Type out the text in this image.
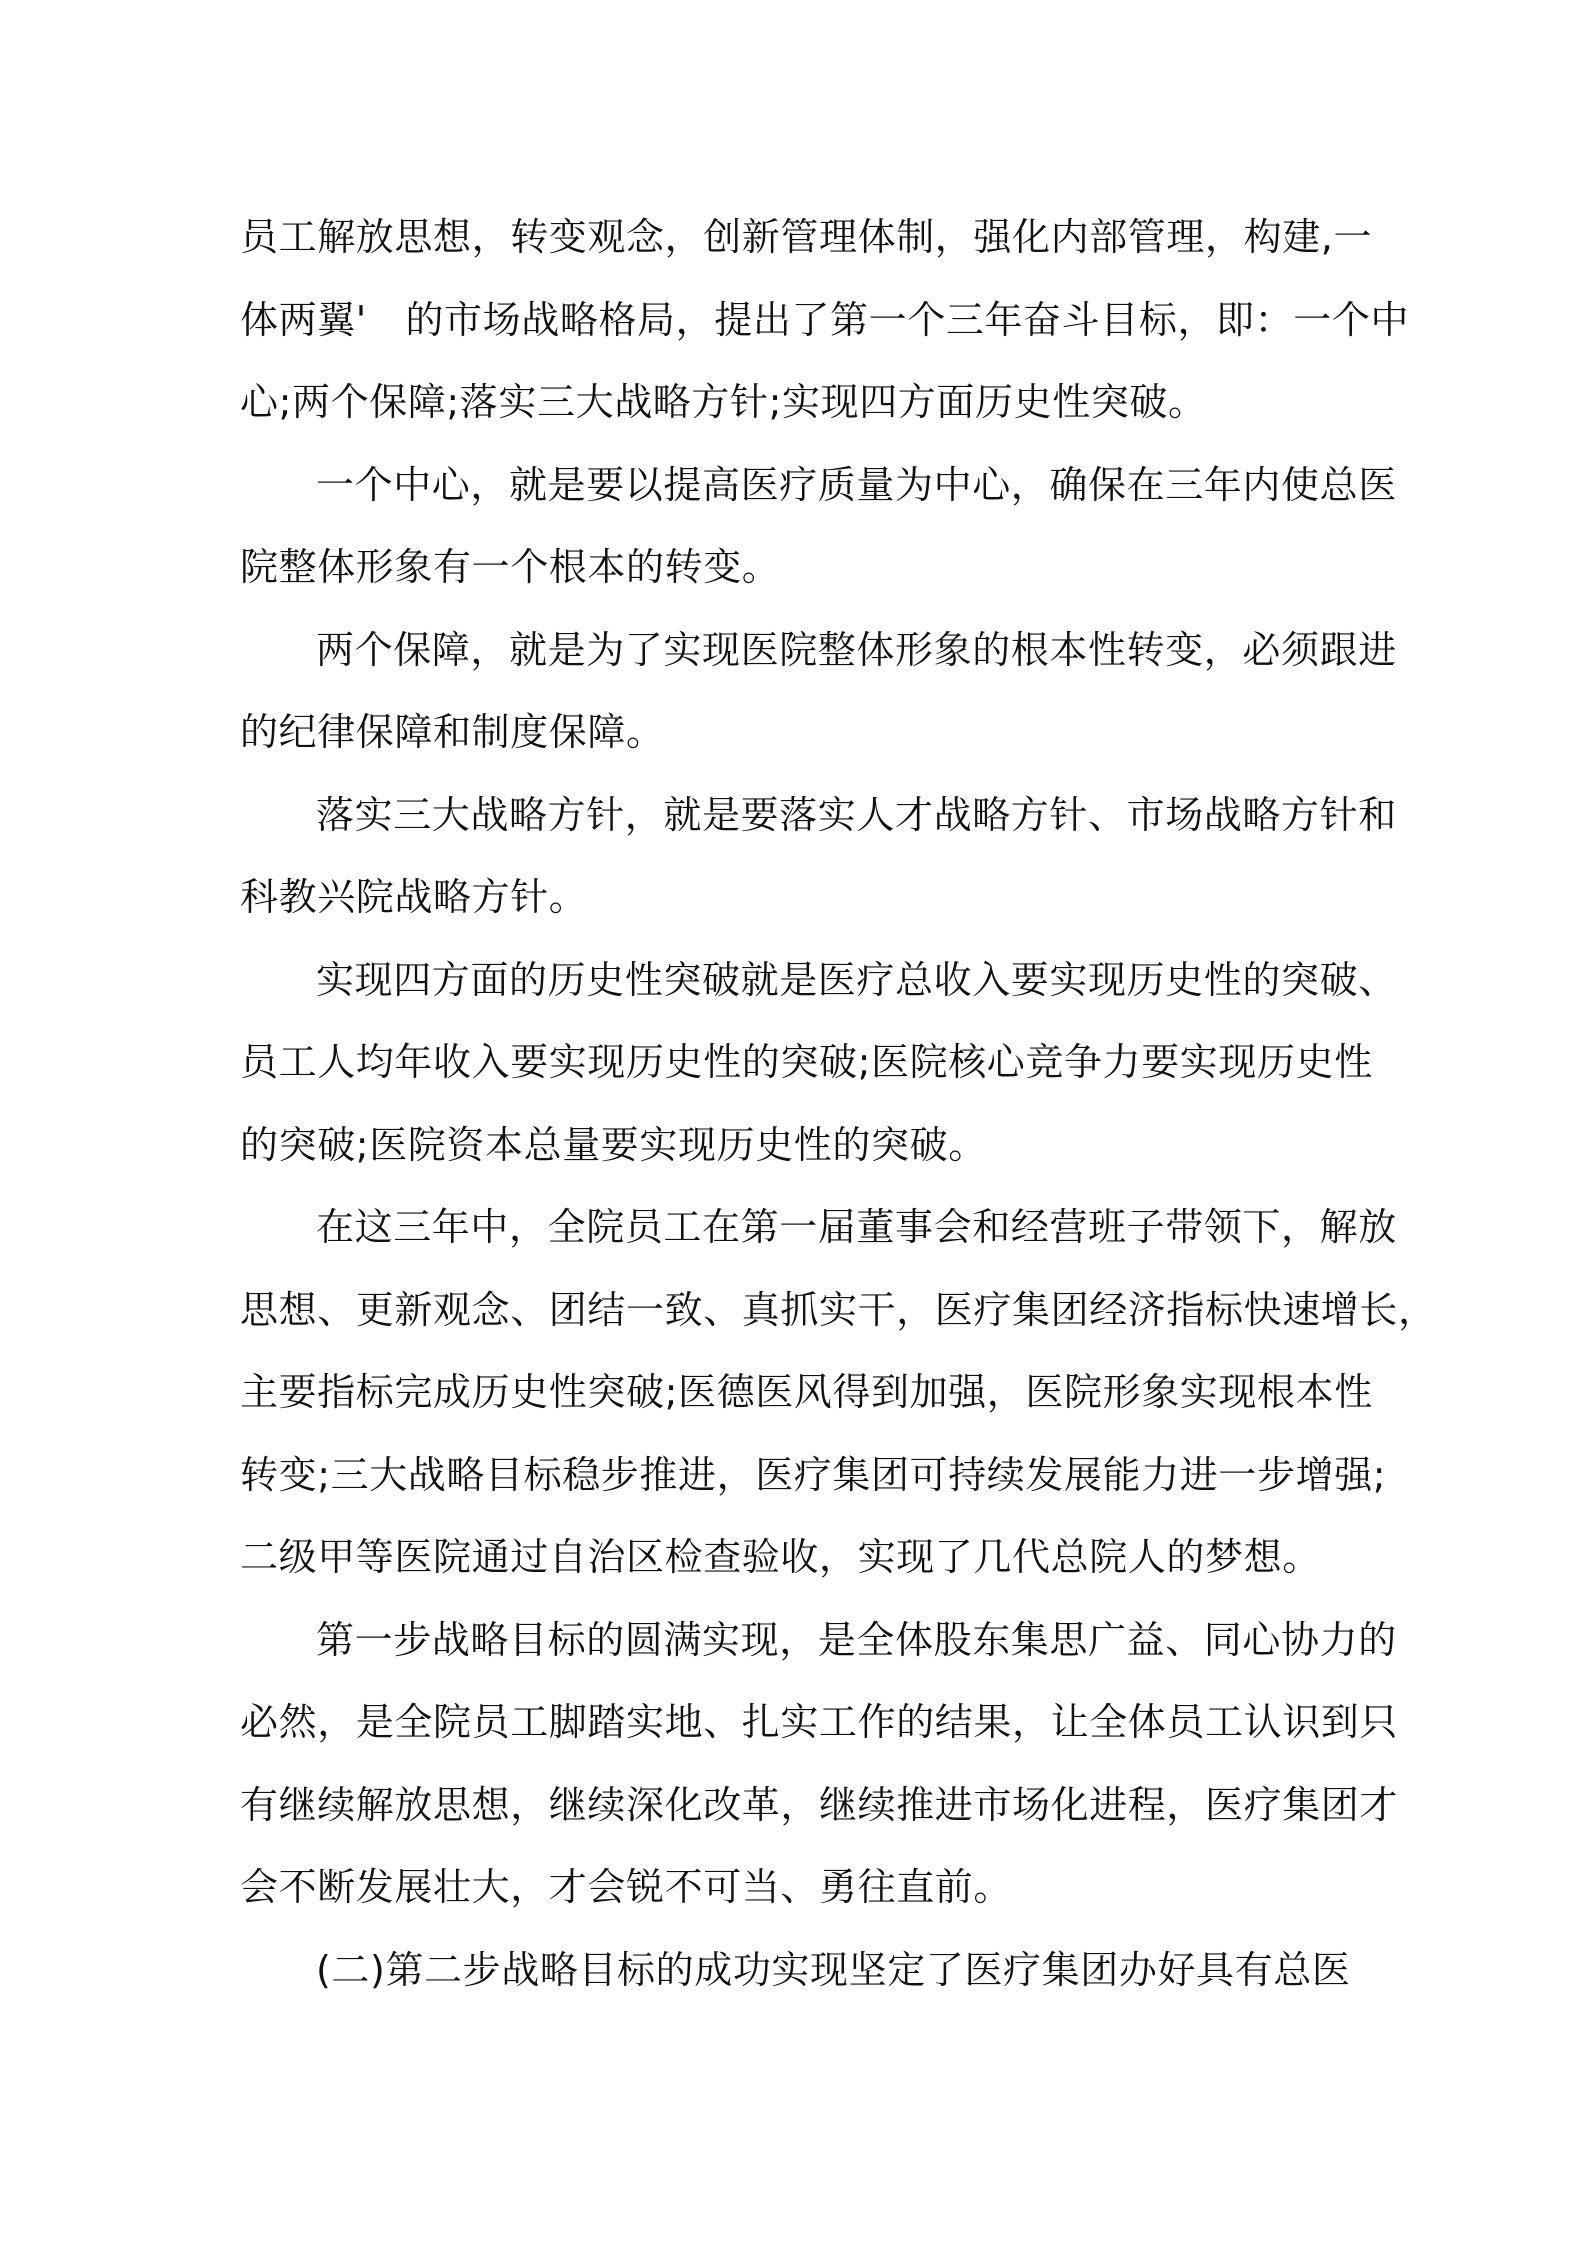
员工解放思想，转变观念，创新管理体制，强化内部管理，构建,一
体两翼'　的市场战略格局，提出了第一个三年奋斗目标，即：一个中
心;两个保障;落实三大战略方针;实现四方面历史性突破。
一个中心，就是要以提高医疗质量为中心，确保在三年内使总医
院整体形象有一个根本的转变。
两个保障，就是为了实现医院整体形象的根本性转变，必须跟进
的纪律保障和制度保障。
落实三大战略方针，就是要落实人才战略方针、市场战略方针和
科教兴院战略方针。
实现四方面的历史性突破就是医疗总收入要实现历史性的突破、
员工人均年收入要实现历史性的突破;医院核心竞争力要实现历史性
的突破;医院资本总量要实现历史性的突破。
在这三年中，全院员工在第一届董事会和经营班子带领下，解放
思想、更新观念、团结一致、真抓实干，医疗集团经济指标快速增长，
主要指标完成历史性突破;医德医风得到加强，医院形象实现根本性
转变;三大战略目标稳步推进，医疗集团可持续发展能力进一步增强;
二级甲等医院通过自治区检查验收，实现了几代总院人的梦想。
第一步战略目标的圆满实现，是全体股东集思广益、同心协力的
必然，是全院员工脚踏实地、扎实工作的结果，让全体员工认识到只
有继续解放思想，继续深化改革，继续推进市场化进程，医疗集团才
会不断发展壮大，才会锐不可当、勇往直前。
(二)第二步战略目标的成功实现坚定了医疗集团办好具有总医
